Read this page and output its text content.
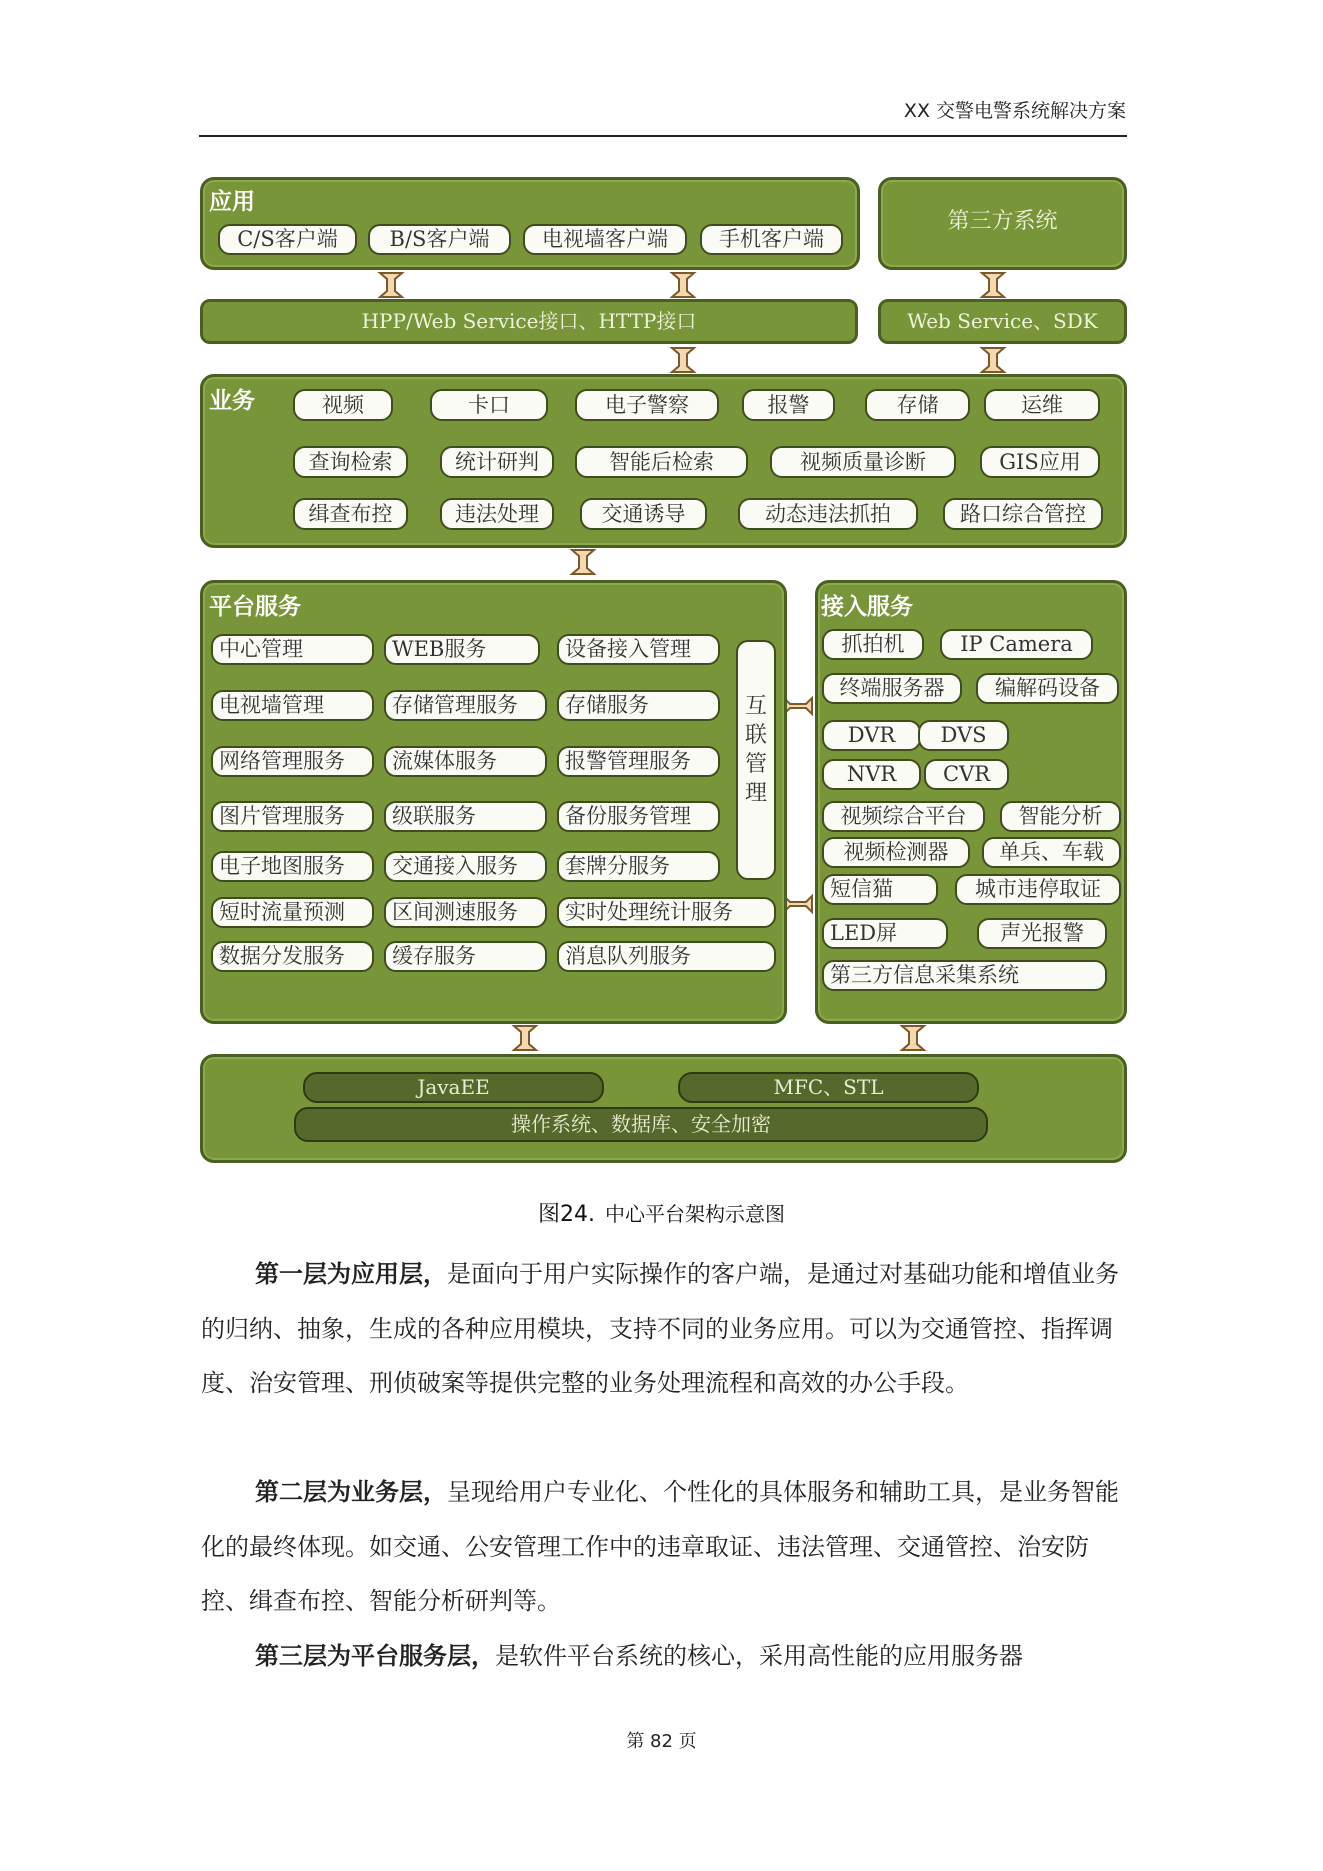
XX 交警电警系统解决方案
应用
C/S客户端	B/S客户端	电视墙客户端	手机客户端
第三方系统
HPP/Web Service接口、HTTP接口	Web Service、SDK
业务	视频	卡口	电子警察	报警	存储	运维
查询检索	统计研判	智能后检索	视频质量诊断	GIS应用
缉查布控	违法处理	交通诱导	动态违法抓拍	路口综合管控
平台服务
中心管理	WEB服务	设备接入管理
电视墙管理	存储管理服务	存储服务
网络管理服务	流媒体服务	报警管理服务
图片管理服务	级联服务	备份服务管理
电子地图服务	交通接入服务	套牌分服务
短时流量预测	区间测速服务	实时处理统计服务
数据分发服务	缓存服务	消息队列服务
互
联
管
理
接入服务
抓拍机	IP Camera
终端服务器	编解码设备
DVR	DVS
NVR	CVR
视频综合平台	智能分析
视频检测器	单兵、车载
短信猫	城市违停取证
LED屏	声光报警
第三方信息采集系统
JavaEE	MFC、STL
操作系统、数据库、安全加密
图24. 中心平台架构示意图

第一层为应用层，是面向于用户实际操作的客户端，是通过对基础功能和增值业务的归纳、抽象，生成的各种应用模块，支持不同的业务应用。可以为交通管控、指挥调度、治安管理、刑侦破案等提供完整的业务处理流程和高效的办公手段。

第二层为业务层，呈现给用户专业化、个性化的具体服务和辅助工具，是业务智能化的最终体现。如交通、公安管理工作中的违章取证、违法管理、交通管控、治安防控、缉查布控、智能分析研判等。

第三层为平台服务层，是软件平台系统的核心，采用高性能的应用服务器

第 82 页
